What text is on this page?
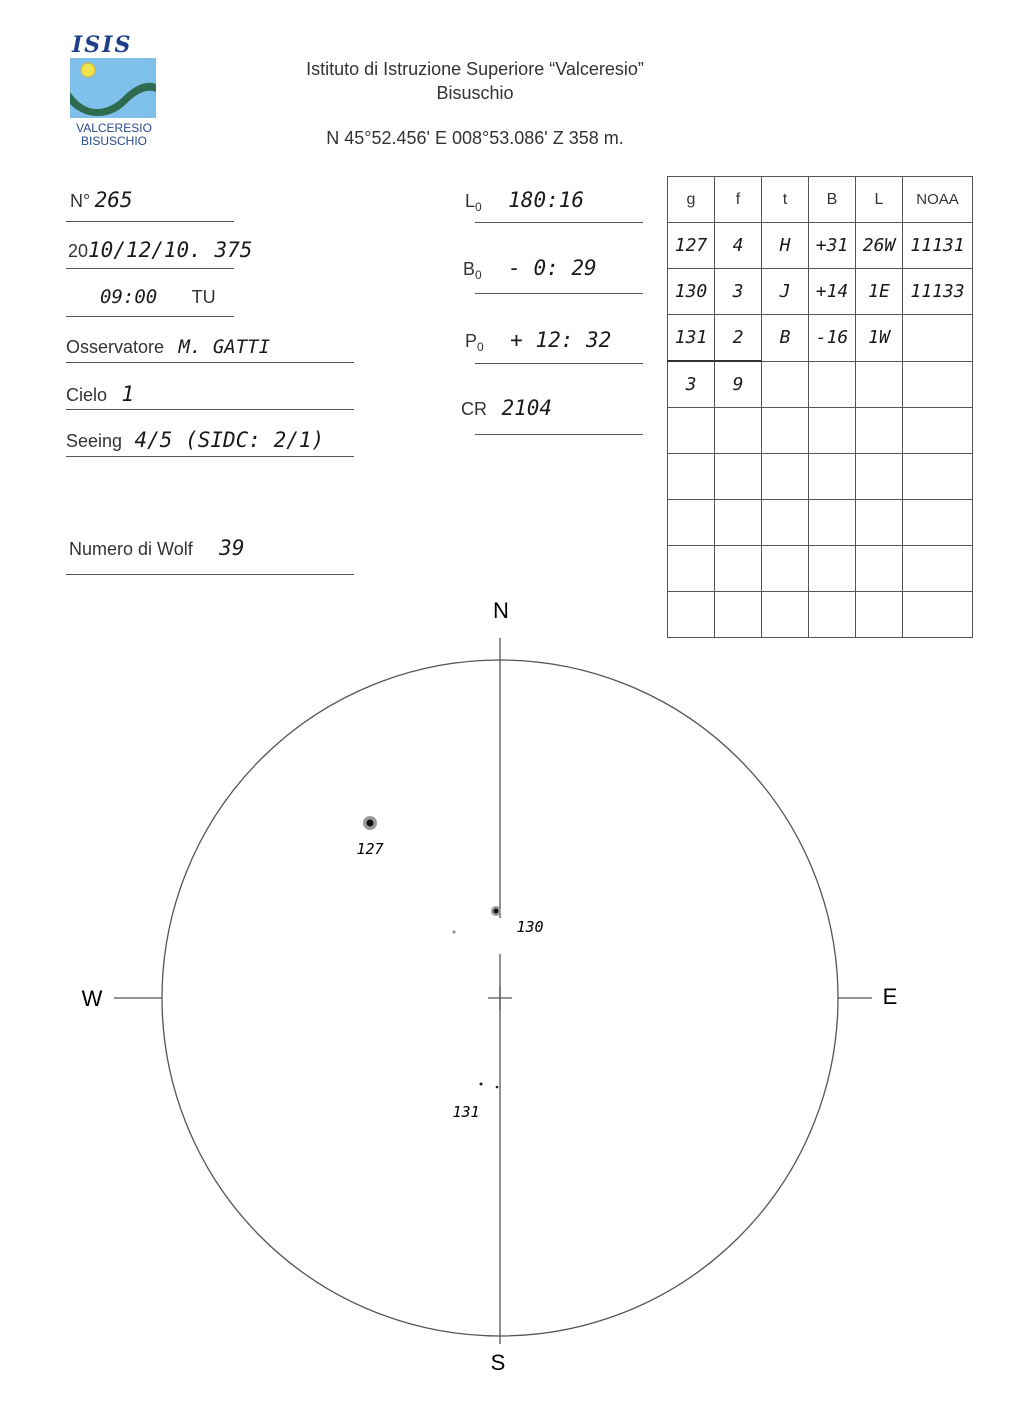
ISIS
VALCERESIO
BISUSCHIO
Istituto di Istruzione Superiore “Valceresio”
Bisuschio
N 45°52.456' E 008°53.086' Z 358 m.
N° 265
2010/12/10. 375
09:00 TU
Osservatore M. GATTI
Cielo 1
Seeing 4/5 (SIDC: 2/1)
Numero di Wolf 39
$L_0$ 180:16
$B_0 - 0$: 29
$P_0 + 12$: 32
CR 2104
g	f	t	B	L	NOAA
127	4	H	+31	26W	11131
130	3	J	+14	1E	11133
131	2	B	-16	1W	
3	9				

N
S
W	E
127
130
131
